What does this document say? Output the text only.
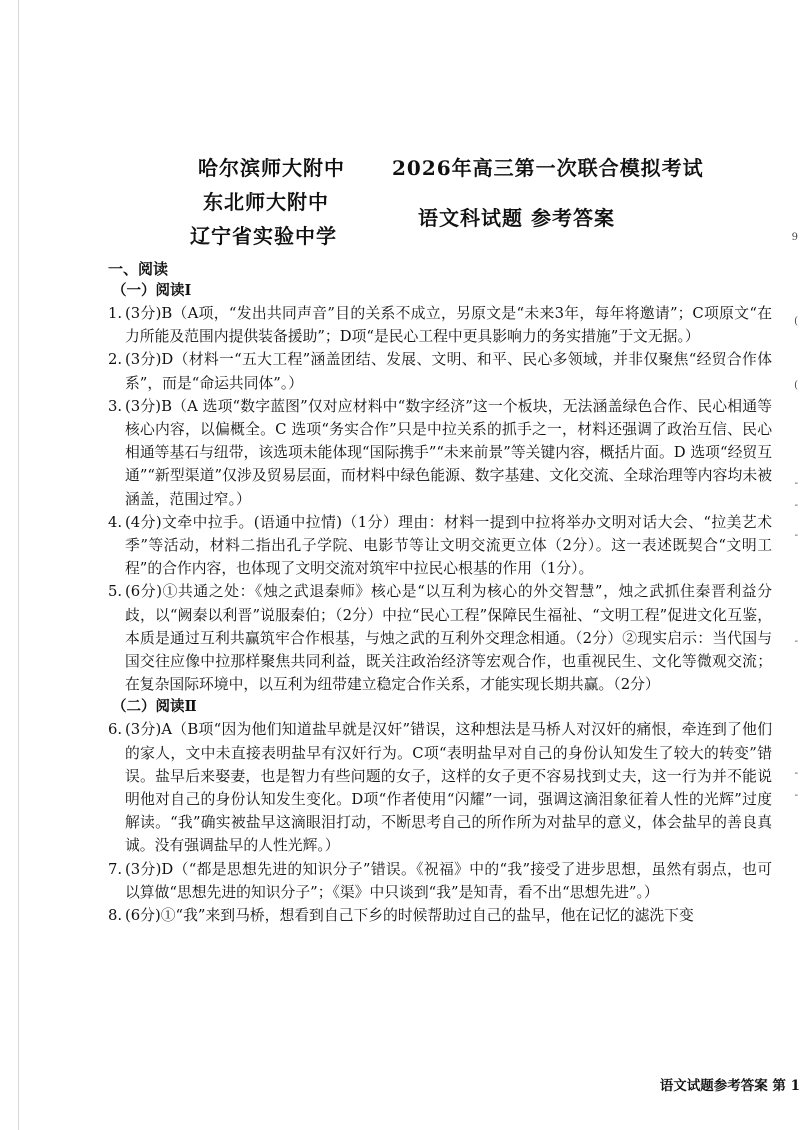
哈尔滨师大附中
东北师大附中
辽宁省实验中学
2026年高三第一次联合模拟考试
语文科试题 参考答案

一、阅读

（一）阅读Ⅰ

1. (3分)B（A项，“发出共同声音”目的关系不成立，另原文是“未来3年，每年将邀请”；C项原文“在力所能及范围内提供装备援助”；D项“是民心工程中更具影响力的务实措施”于文无据。）

2. (3分)D（材料一“五大工程”涵盖团结、发展、文明、和平、民心多领域，并非仅聚焦“经贸合作体系”，而是“命运共同体”。）

3. (3分)B（A 选项“数字蓝图”仅对应材料中“数字经济”这一个板块，无法涵盖绿色合作、民心相通等核心内容，以偏概全。C 选项“务实合作”只是中拉关系的抓手之一，材料还强调了政治互信、民心相通等基石与纽带，该选项未能体现“国际携手”“未来前景”等关键内容，概括片面。D 选项“经贸互通”“新型渠道”仅涉及贸易层面，而材料中绿色能源、数字基建、文化交流、全球治理等内容均未被涵盖，范围过窄。）

4. (4分)文牵中拉手。(语通中拉情)（1分）理由：材料一提到中拉将举办文明对话大会、“拉美艺术季”等活动，材料二指出孔子学院、电影节等让文明交流更立体（2分）。这一表述既契合“文明工程”的合作内容，也体现了文明交流对筑牢中拉民心根基的作用（1分）。

5. (6分)①共通之处：《烛之武退秦师》核心是“以互利为核心的外交智慧”，烛之武抓住秦晋利益分歧，以“阙秦以利晋”说服秦伯；（2分）中拉“民心工程”保障民生福祉、“文明工程”促进文化互鉴，本质是通过互利共赢筑牢合作根基，与烛之武的互利外交理念相通。（2分）②现实启示：当代国与国交往应像中拉那样聚焦共同利益，既关注政治经济等宏观合作，也重视民生、文化等微观交流；在复杂国际环境中，以互利为纽带建立稳定合作关系，才能实现长期共赢。（2分）

（二）阅读Ⅱ

6. (3分)A（B项“因为他们知道盐早就是汉奸”错误，这种想法是马桥人对汉奸的痛恨，牵连到了他们的家人，文中未直接表明盐早有汉奸行为。C项“表明盐早对自己的身份认知发生了较大的转变”错误。盐早后来娶妻，也是智力有些问题的女子，这样的女子更不容易找到丈夫，这一行为并不能说明他对自己的身份认知发生变化。D项“作者使用“闪耀”一词，强调这滴泪象征着人性的光辉”过度解读。“我”确实被盐早这滴眼泪打动，不断思考自己的所作所为对盐早的意义，体会盐早的善良真诚。没有强调盐早的人性光辉。）

7. (3分)D（“都是思想先进的知识分子”错误。《祝福》中的“我”接受了进步思想，虽然有弱点，也可以算做“思想先进的知识分子”；《渠》中只谈到“我”是知青，看不出“思想先进”。）

8. (6分)①“我”来到马桥，想看到自己下乡的时候帮助过自己的盐早，他在记忆的滤洗下变

语文试题参考答案 第 1
9
(
(
-
-
-
-
-
-
